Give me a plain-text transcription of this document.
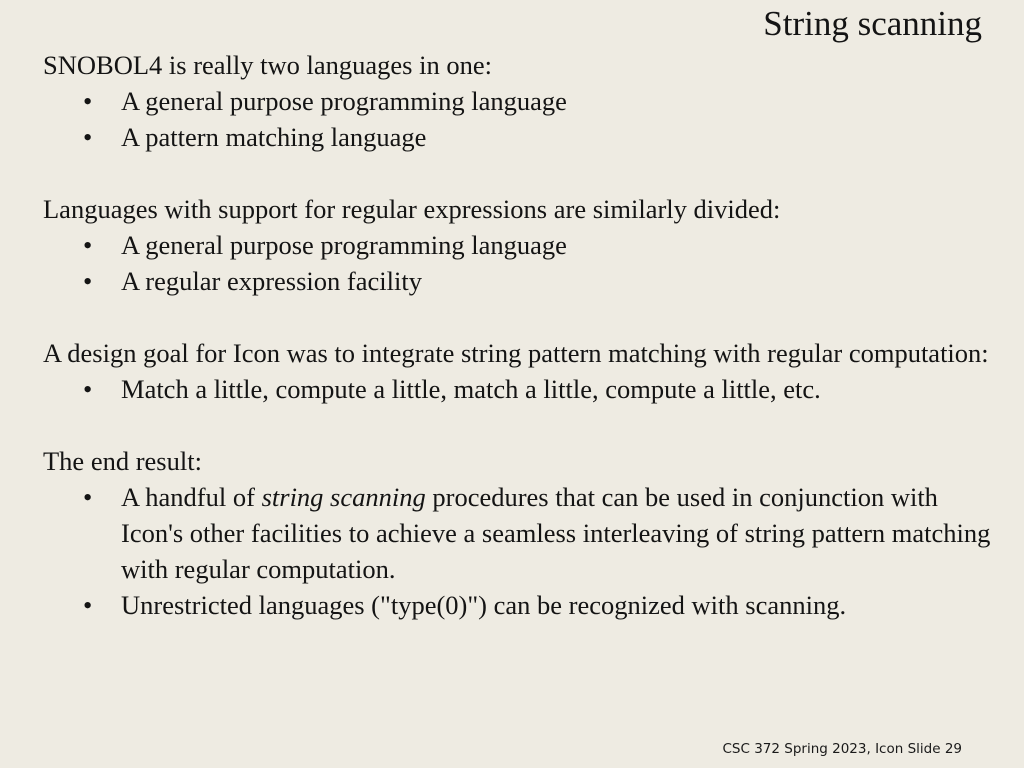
String scanning
SNOBOL4 is really two languages in one:
• A general purpose programming language
• A pattern matching language
Languages with support for regular expressions are similarly divided:
• A general purpose programming language
• A regular expression facility
A design goal for Icon was to integrate string pattern matching with regular computation:
• Match a little, compute a little, match a little, compute a little, etc.
The end result:
• A handful of string scanning procedures that can be used in conjunction with Icon's other facilities to achieve a seamless interleaving of string pattern matching with regular computation.
• Unrestricted languages ("type(0)") can be recognized with scanning.
CSC 372 Spring 2023, Icon Slide 29
